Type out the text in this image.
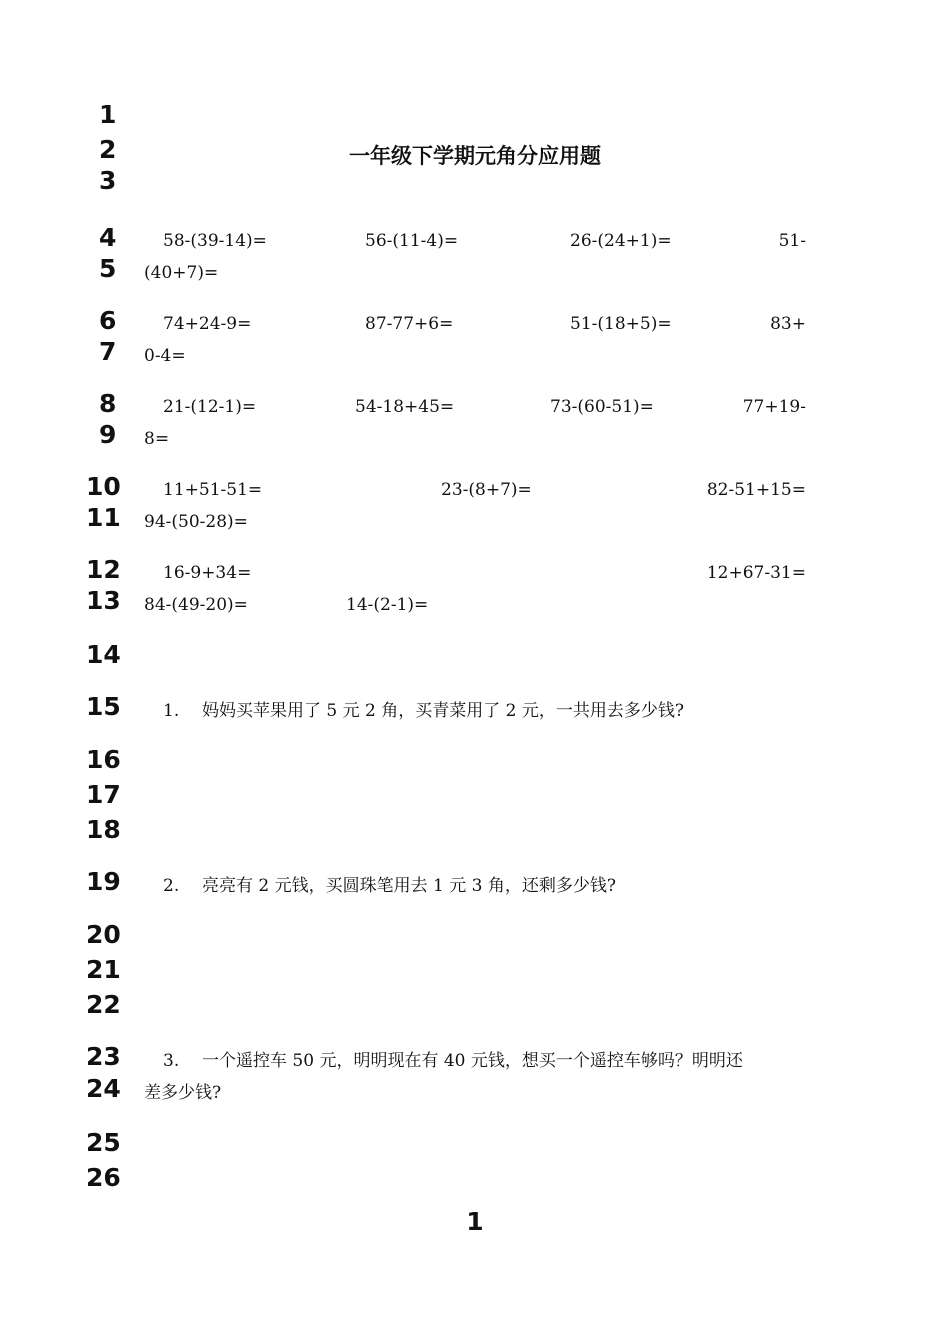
1
2
3
4
5
6
7
8
9
10
11
12
13
14
15
16
17
18
19
20
21
22
23
24
25
26
一年级下学期元角分应用题
58-(39-14)=	56-(11-4)=	26-(24+1)=	51-
(40+7)=
74+24-9=	87-77+6=	51-(18+5)=	83+
0-4=
21-(12-1)=	54-18+45=	73-(60-51)=	77+19-
8=
11+51-51=	23-(8+7)=	82-51+15=
94-(50-28)=
16-9+34=	12+67-31=
84-(49-20)=	14-(2-1)=
1. 妈妈买苹果用了 5 元 2 角，买青菜用了 2 元，一共用去多少钱?
2. 亮亮有 2 元钱，买圆珠笔用去 1 元 3 角，还剩多少钱?
3. 一个遥控车 50 元，明明现在有 40 元钱，想买一个遥控车够吗？明明还
差多少钱?
1
